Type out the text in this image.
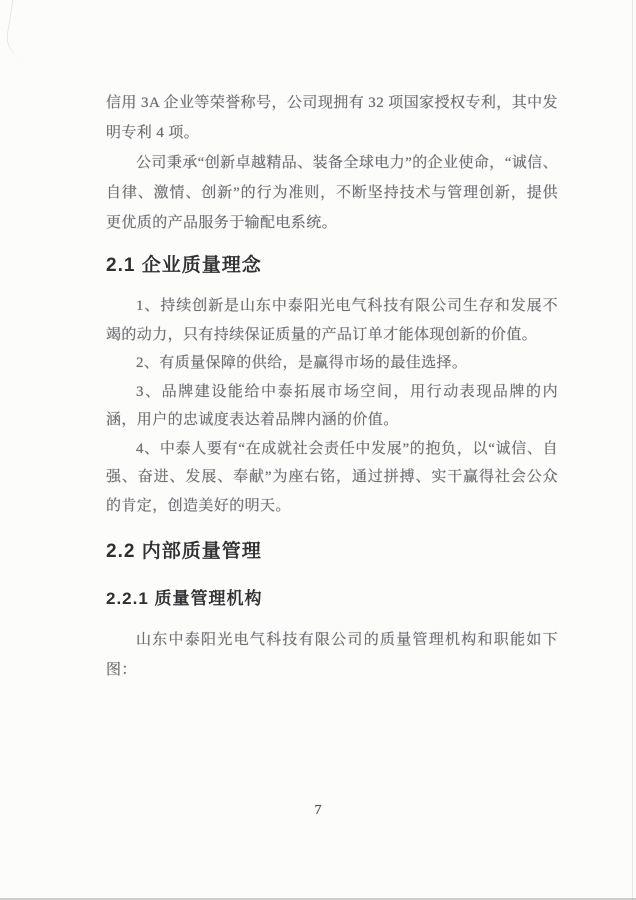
信用 3A 企业等荣誉称号，公司现拥有 32 项国家授权专利，其中发明专利 4 项。

公司秉承“创新卓越精品、装备全球电力”的企业使命，“诚信、自律、激情、创新”的行为准则，不断坚持技术与管理创新，提供更优质的产品服务于输配电系统。

2.1 企业质量理念

1、持续创新是山东中泰阳光电气科技有限公司生存和发展不竭的动力，只有持续保证质量的产品订单才能体现创新的价值。

2、有质量保障的供给，是赢得市场的最佳选择。

3、品牌建设能给中泰拓展市场空间，用行动表现品牌的内涵，用户的忠诚度表达着品牌内涵的价值。

4、中泰人要有“在成就社会责任中发展”的抱负，以“诚信、自强、奋进、发展、奉献”为座右铭，通过拼搏、实干赢得社会公众的肯定，创造美好的明天。

2.2 内部质量管理
2.2.1 质量管理机构

山东中泰阳光电气科技有限公司的质量管理机构和职能如下图：

7
